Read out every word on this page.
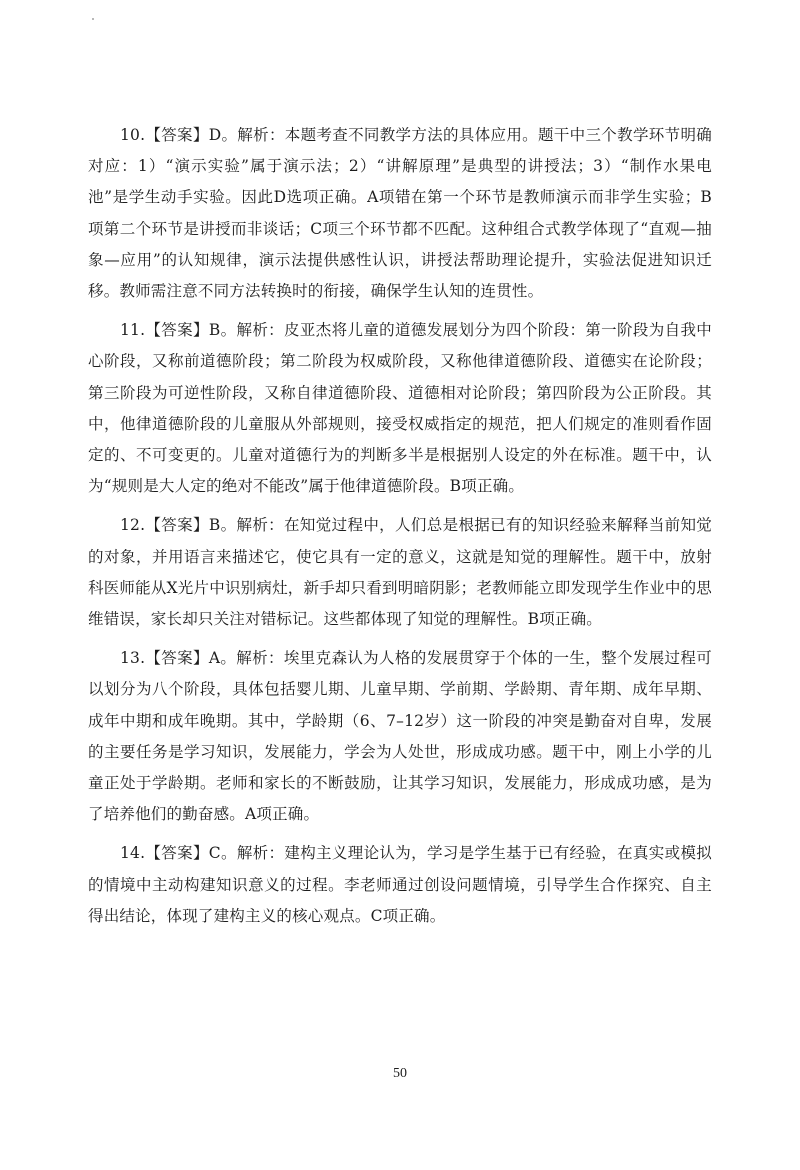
10.【答案】D。解析：本题考查不同教学方法的具体应用。题干中三个教学环节明确对应：1）“演示实验”属于演示法；2）“讲解原理”是典型的讲授法；3）“制作水果电池”是学生动手实验。因此D选项正确。A项错在第一个环节是教师演示而非学生实验；B项第二个环节是讲授而非谈话；C项三个环节都不匹配。这种组合式教学体现了“直观—抽象—应用”的认知规律，演示法提供感性认识，讲授法帮助理论提升，实验法促进知识迁移。教师需注意不同方法转换时的衔接，确保学生认知的连贯性。

11.【答案】B。解析：皮亚杰将儿童的道德发展划分为四个阶段：第一阶段为自我中心阶段，又称前道德阶段；第二阶段为权威阶段，又称他律道德阶段、道德实在论阶段；第三阶段为可逆性阶段，又称自律道德阶段、道德相对论阶段；第四阶段为公正阶段。其中，他律道德阶段的儿童服从外部规则，接受权威指定的规范，把人们规定的准则看作固定的、不可变更的。儿童对道德行为的判断多半是根据别人设定的外在标准。题干中，认为“规则是大人定的绝对不能改”属于他律道德阶段。B项正确。

12.【答案】B。解析：在知觉过程中，人们总是根据已有的知识经验来解释当前知觉的对象，并用语言来描述它，使它具有一定的意义，这就是知觉的理解性。题干中，放射科医师能从X光片中识别病灶，新手却只看到明暗阴影；老教师能立即发现学生作业中的思维错误，家长却只关注对错标记。这些都体现了知觉的理解性。B项正确。

13.【答案】A。解析：埃里克森认为人格的发展贯穿于个体的一生，整个发展过程可以划分为八个阶段，具体包括婴儿期、儿童早期、学前期、学龄期、青年期、成年早期、成年中期和成年晚期。其中，学龄期（6、7–12岁）这一阶段的冲突是勤奋对自卑，发展的主要任务是学习知识，发展能力，学会为人处世，形成成功感。题干中，刚上小学的儿童正处于学龄期。老师和家长的不断鼓励，让其学习知识，发展能力，形成成功感，是为了培养他们的勤奋感。A项正确。

14.【答案】C。解析：建构主义理论认为，学习是学生基于已有经验，在真实或模拟的情境中主动构建知识意义的过程。李老师通过创设问题情境，引导学生合作探究、自主得出结论，体现了建构主义的核心观点。C项正确。

50
